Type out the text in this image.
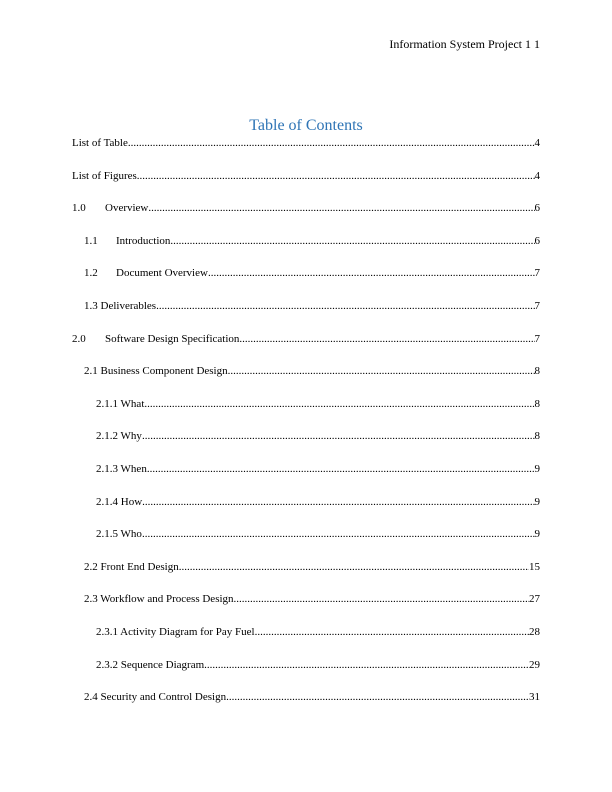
Information System Project 1 1
Table of Contents
List of Table .....	4
List of Figures .....	4
1.0 Overview .....	6
1.1 Introduction .....	6
1.2 Document Overview .....	7
1.3 Deliverables .....	7
2.0 Software Design Specification .....	7
2.1 Business Component Design .....	8
2.1.1 What .....	8
2.1.2 Why .....	8
2.1.3 When .....	9
2.1.4 How .....	9
2.1.5 Who .....	9
2.2 Front End Design .....	15
2.3 Workflow and Process Design .....	27
2.3.1 Activity Diagram for Pay Fuel .....	28
2.3.2 Sequence Diagram .....	29
2.4 Security and Control Design .....	31
